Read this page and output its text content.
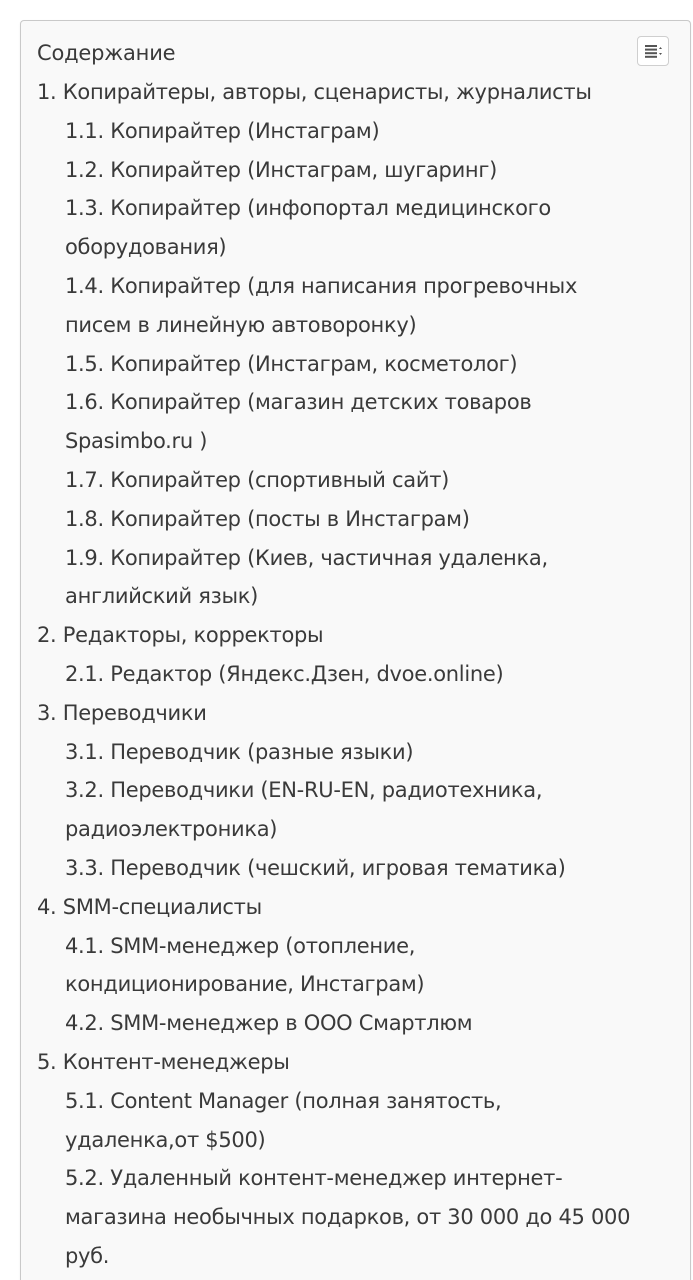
Содержание
1. Копирайтеры, авторы, сценаристы, журналисты
1.1. Копирайтер (Инстаграм)
1.2. Копирайтер (Инстаграм, шугаринг)
1.3. Копирайтер (инфопортал медицинского
оборудования)
1.4. Копирайтер (для написания прогревочных
писем в линейную автоворонку)
1.5. Копирайтер (Инстаграм, косметолог)
1.6. Копирайтер (магазин детских товаров
Spasimbo.ru )
1.7. Копирайтер (спортивный сайт)
1.8. Копирайтер (посты в Инстаграм)
1.9. Копирайтер (Киев, частичная удаленка,
английский язык)
2. Редакторы, корректоры
2.1. Редактор (Яндекс.Дзен, dvoe.online)
3. Переводчики
3.1. Переводчик (разные языки)
3.2. Переводчики (EN-RU-EN, радиотехника,
радиоэлектроника)
3.3. Переводчик (чешский, игровая тематика)
4. SMM-специалисты
4.1. SMM-менеджер (отопление,
кондиционирование, Инстаграм)
4.2. SMM-менеджер в ООО Смартлюм
5. Контент-менеджеры
5.1. Content Manager (полная занятость,
удаленка,от $500)
5.2. Удаленный контент-менеджер интернет-
магазина необычных подарков, от 30 000 до 45 000
руб.
